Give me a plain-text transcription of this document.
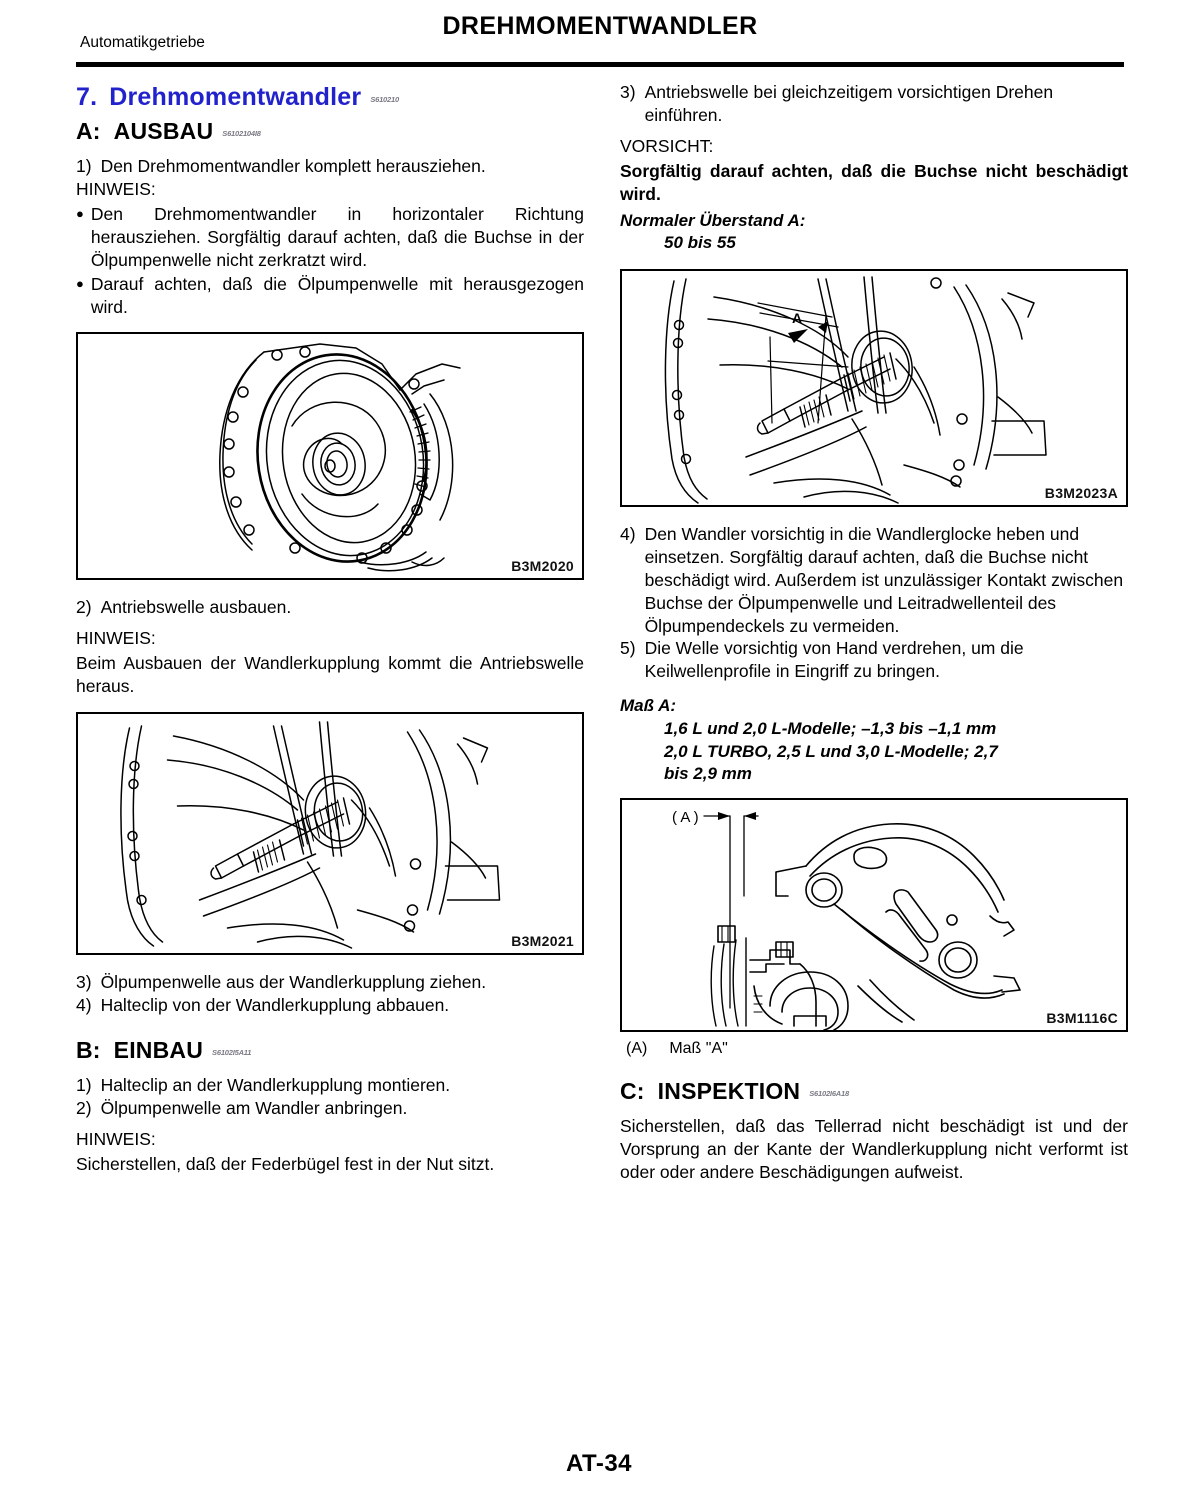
DREHMOMENTWANDLER
Automatikgetriebe
7. Drehmomentwandler S610210
A: AUSBAU S6102104I8
1) Den Drehmomentwandler komplett herausziehen.

HINWEIS:

● Den Drehmomentwandler in horizontaler Richtung herausziehen. Sorgfältig darauf achten, daß die Buchse in der Ölpumpenwelle nicht zerkratzt wird.
● Darauf achten, daß die Ölpumpenwelle mit herausgezogen wird.
B3M2020
2) Antriebswelle ausbauen.

HINWEIS:

Beim Ausbauen der Wandlerkupplung kommt die Antriebswelle heraus.

B3M2021
3) Ölpumpenwelle aus der Wandlerkupplung ziehen.
4) Halteclip von der Wandlerkupplung abbauen.
B: EINBAU S6102I5A11
1) Halteclip an der Wandlerkupplung montieren.
2) Ölpumpenwelle am Wandler anbringen.

HINWEIS:

Sicherstellen, daß der Federbügel fest in der Nut sitzt.

3) Antriebswelle bei gleichzeitigem vorsichtigen Drehen einführen.

VORSICHT:

Sorgfältig darauf achten, daß die Buchse nicht beschädigt wird.

Normaler Überstand A:
50 bis 55

A
B3M2023A
4) Den Wandler vorsichtig in die Wandlerglocke heben und einsetzen. Sorgfältig darauf achten, daß die Buchse nicht beschädigt wird. Außerdem ist unzulässiger Kontakt zwischen Buchse der Ölpumpenwelle und Leitradwellenteil des Ölpumpendeckels zu vermeiden.
5) Die Welle vorsichtig von Hand verdrehen, um die Keilwellenprofile in Eingriff zu bringen.

Maß A:
1,6 L und 2,0 L-Modelle; –1,3 bis –1,1 mm
2,0 L TURBO, 2,5 L und 3,0 L-Modelle; 2,7
bis 2,9 mm

( A )
B3M1116C
(A) Maß "A"
C: INSPEKTION S6102I6A18

Sicherstellen, daß das Tellerrad nicht beschädigt ist und der Vorsprung an der Kante der Wandlerkupplung nicht verformt ist oder oder andere Beschädigungen aufweist.

AT-34
